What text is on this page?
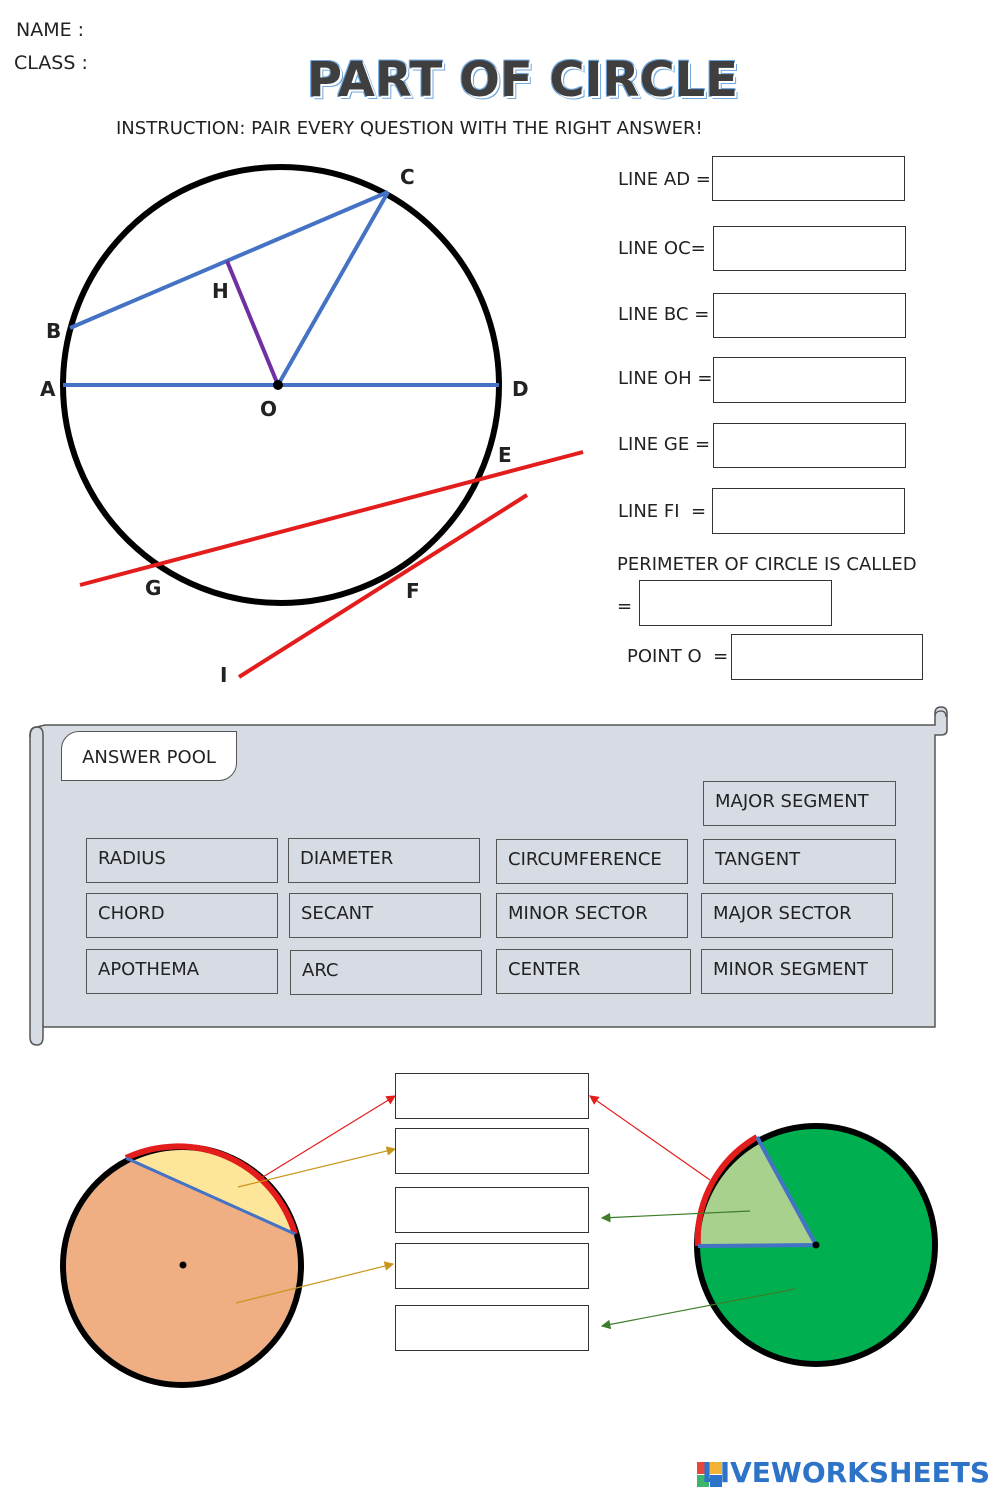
NAME :
CLASS :	PART OF CIRCLE
INSTRUCTION: PAIR EVERY QUESTION WITH THE RIGHT ANSWER!
C
H
B
A
O
D
E
G	F
I
LINE AD =
LINE OC=
LINE BC =
LINE OH =
LINE GE =
LINE FI  =
PERIMETER OF CIRCLE IS CALLED
=
POINT O  =
ANSWER POOL
MAJOR SEGMENT
RADIUS	DIAMETER	CIRCUMFERENCE	TANGENT
CHORD	SECANT	MINOR SECTOR	MAJOR SECTOR
APOTHEMA	ARC	CENTER	MINOR SEGMENT
LIVEWORKSHEETS
